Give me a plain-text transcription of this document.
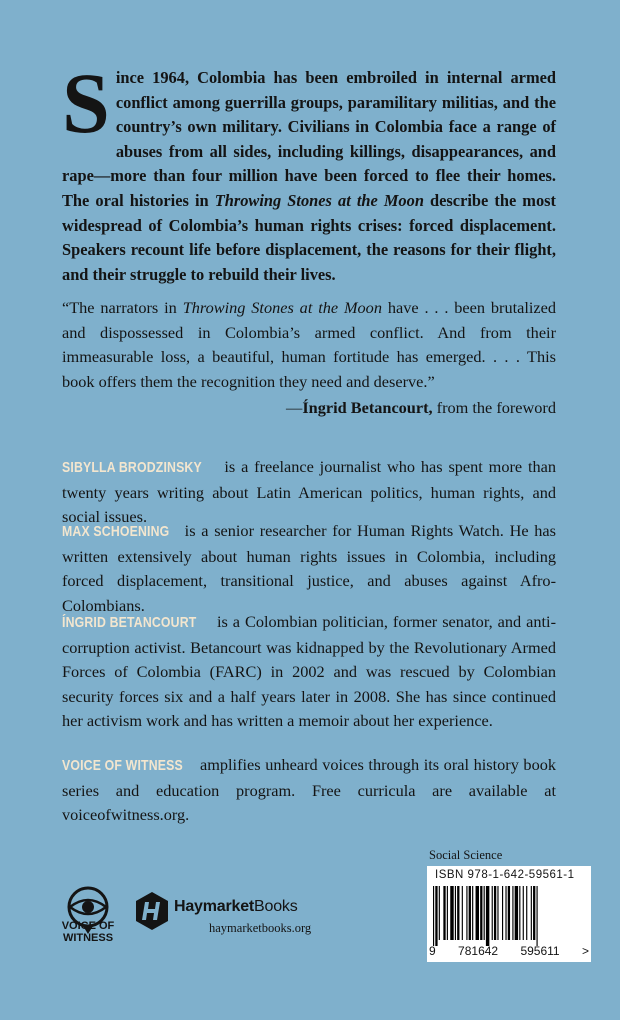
Since 1964, Colombia has been embroiled in internal armed conflict among guerrilla groups, paramilitary militias, and the country’s own military. Civilians in Colombia face a range of abuses from all sides, including killings, disappearances, and rape—more than four million have been forced to flee their homes. The oral histories in Throwing Stones at the Moon describe the most widespread of Colombia’s human rights crises: forced displacement. Speakers recount life before displacement, the reasons for their flight, and their struggle to rebuild their lives.
“The narrators in Throwing Stones at the Moon have . . . been brutalized and dispossessed in Colombia’s armed conflict. And from their immeasurable loss, a beautiful, human fortitude has emerged. . . . This book offers them the recognition they need and deserve.”
—Íngrid Betancourt, from the foreword
SIBYLLA BRODZINSKY is a freelance journalist who has spent more than twenty years writing about Latin American politics, human rights, and social issues.
MAX SCHOENING is a senior researcher for Human Rights Watch. He has written extensively about human rights issues in Colombia, including forced displacement, transitional justice, and abuses against Afro-Colombians.
ÍNGRID BETANCOURT is a Colombian politician, former senator, and anti-corruption activist. Betancourt was kidnapped by the Revolutionary Armed Forces of Colombia (FARC) in 2002 and was rescued by Colombian security forces six and a half years later in 2008. She has since continued her activism work and has written a memoir about her experience.
VOICE OF WITNESS amplifies unheard voices through its oral history book series and education program. Free curricula are available at voiceofwitness.org.
Social Science
ISBN 978-1-642-59561-1
9 781642 595611 >
VOICE OF
WITNESS
HaymarketBooks
haymarketbooks.org
